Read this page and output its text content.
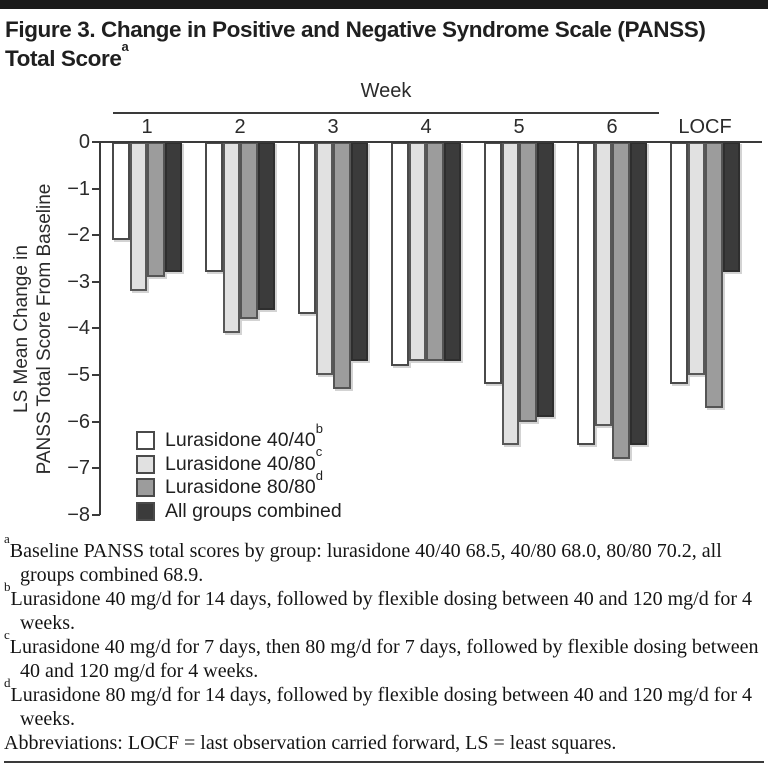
Figure 3. Change in Positive and Negative Syndrome Scale (PANSS)
Total Score$^a$
Week
1	2	3	4	5	6	LOCF
0
−1
−2
−3
−4
−5
−6
−7
−8
LS Mean Change in PANSS Total Score From Baseline	Lurasidone 40/40$^b$
Lurasidone 40/80$^c$
Lurasidone 80/80$^d$
All groups combined
$^a$Baseline PANSS total scores by group: lurasidone 40/40 68.5, 40/80 68.0, 80/80 70.2, all groups combined 68.9.
$^b$Lurasidone 40 mg/d for 14 days, followed by flexible dosing between 40 and 120 mg/d for 4 weeks.
$^c$Lurasidone 40 mg/d for 7 days, then 80 mg/d for 7 days, followed by flexible dosing between 40 and 120 mg/d for 4 weeks.
$^d$Lurasidone 80 mg/d for 14 days, followed by flexible dosing between 40 and 120 mg/d for 4 weeks.
Abbreviations: LOCF = last observation carried forward, LS = least squares.
